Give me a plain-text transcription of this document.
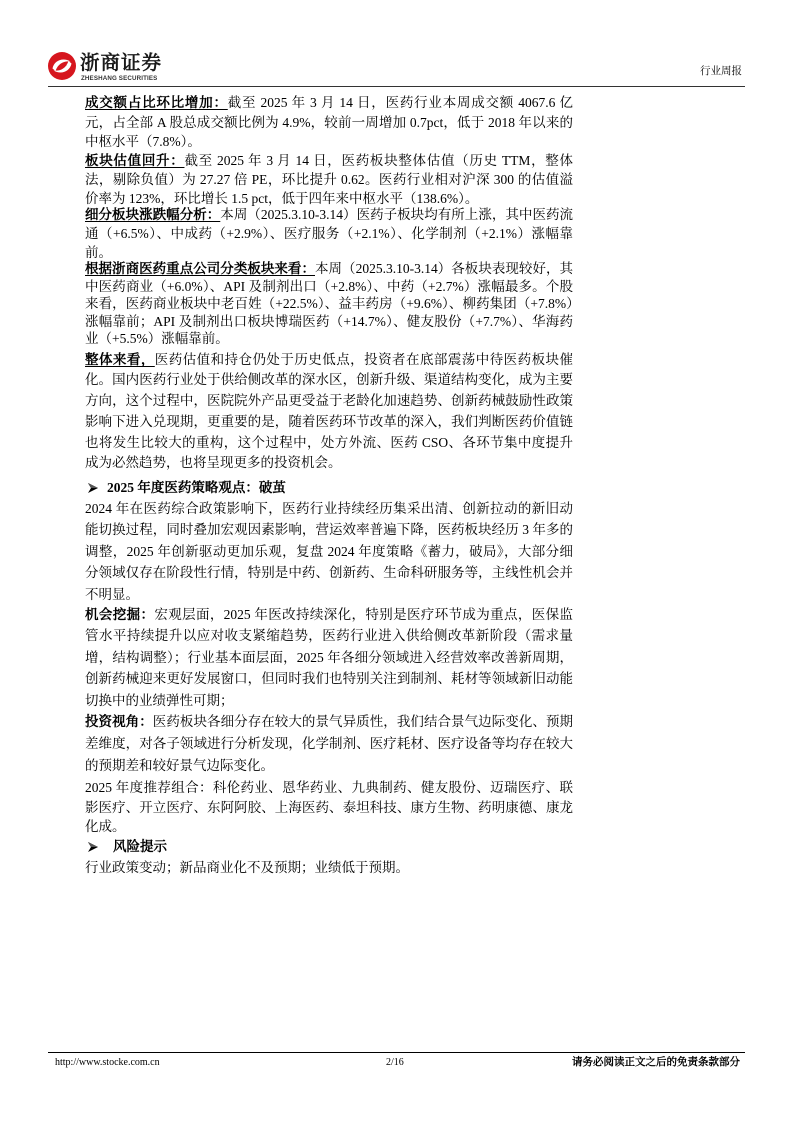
浙商证券
ZHESHANG SECURITIES
行业周报

成交额占比环比增加：截至 2025 年 3 月 14 日，医药行业本周成交额 4067.6 亿元，占全部 A 股总成交额比例为 4.9%，较前一周增加 0.7pct，低于 2018 年以来的中枢水平（7.8%）。

板块估值回升：截至 2025 年 3 月 14 日，医药板块整体估值（历史 TTM，整体法，剔除负值）为 27.27 倍 PE，环比提升 0.62。医药行业相对沪深 300 的估值溢价率为 123%，环比增长 1.5 pct，低于四年来中枢水平（138.6%）。

细分板块涨跌幅分析：本周（2025.3.10-3.14）医药子板块均有所上涨，其中医药流通（+6.5%）、中成药（+2.9%）、医疗服务（+2.1%）、化学制剂（+2.1%）涨幅靠前。

根据浙商医药重点公司分类板块来看：本周（2025.3.10-3.14）各板块表现较好，其中医药商业（+6.0%）、API 及制剂出口（+2.8%）、中药（+2.7%）涨幅最多。个股来看，医药商业板块中老百姓（+22.5%）、益丰药房（+9.6%）、柳药集团（+7.8%）涨幅靠前；API 及制剂出口板块博瑞医药（+14.7%）、健友股份（+7.7%）、华海药业（+5.5%）涨幅靠前。

整体来看，医药估值和持仓仍处于历史低点，投资者在底部震荡中待医药板块催化。国内医药行业处于供给侧改革的深水区，创新升级、渠道结构变化，成为主要方向，这个过程中，医院院外产品更受益于老龄化加速趋势、创新药械鼓励性政策影响下进入兑现期，更重要的是，随着医药环节改革的深入，我们判断医药价值链也将发生比较大的重构，这个过程中，处方外流、医药 CSO、各环节集中度提升成为必然趋势，也将呈现更多的投资机会。

2025 年度医药策略观点：破茧

2024 年在医药综合政策影响下，医药行业持续经历集采出清、创新拉动的新旧动能切换过程，同时叠加宏观因素影响，营运效率普遍下降，医药板块经历 3 年多的调整，2025 年创新驱动更加乐观，复盘 2024 年度策略《蓄力，破局》，大部分细分领域仅存在阶段性行情，特别是中药、创新药、生命科研服务等，主线性机会并不明显。

机会挖掘：宏观层面，2025 年医改持续深化，特别是医疗环节成为重点，医保监管水平持续提升以应对收支紧缩趋势，医药行业进入供给侧改革新阶段（需求量增，结构调整）；行业基本面层面，2025 年各细分领域进入经营效率改善新周期，创新药械迎来更好发展窗口，但同时我们也特别关注到制剂、耗材等领域新旧动能切换中的业绩弹性可期；

投资视角：医药板块各细分存在较大的景气异质性，我们结合景气边际变化、预期差维度，对各子领域进行分析发现，化学制剂、医疗耗材、医疗设备等均存在较大的预期差和较好景气边际变化。

2025 年度推荐组合：科伦药业、恩华药业、九典制药、健友股份、迈瑞医疗、联影医疗、开立医疗、东阿阿胶、上海医药、泰坦科技、康方生物、药明康德、康龙化成。

风险提示

行业政策变动；新品商业化不及预期；业绩低于预期。

http://www.stocke.com.cn	2/16	请务必阅读正文之后的免责条款部分
